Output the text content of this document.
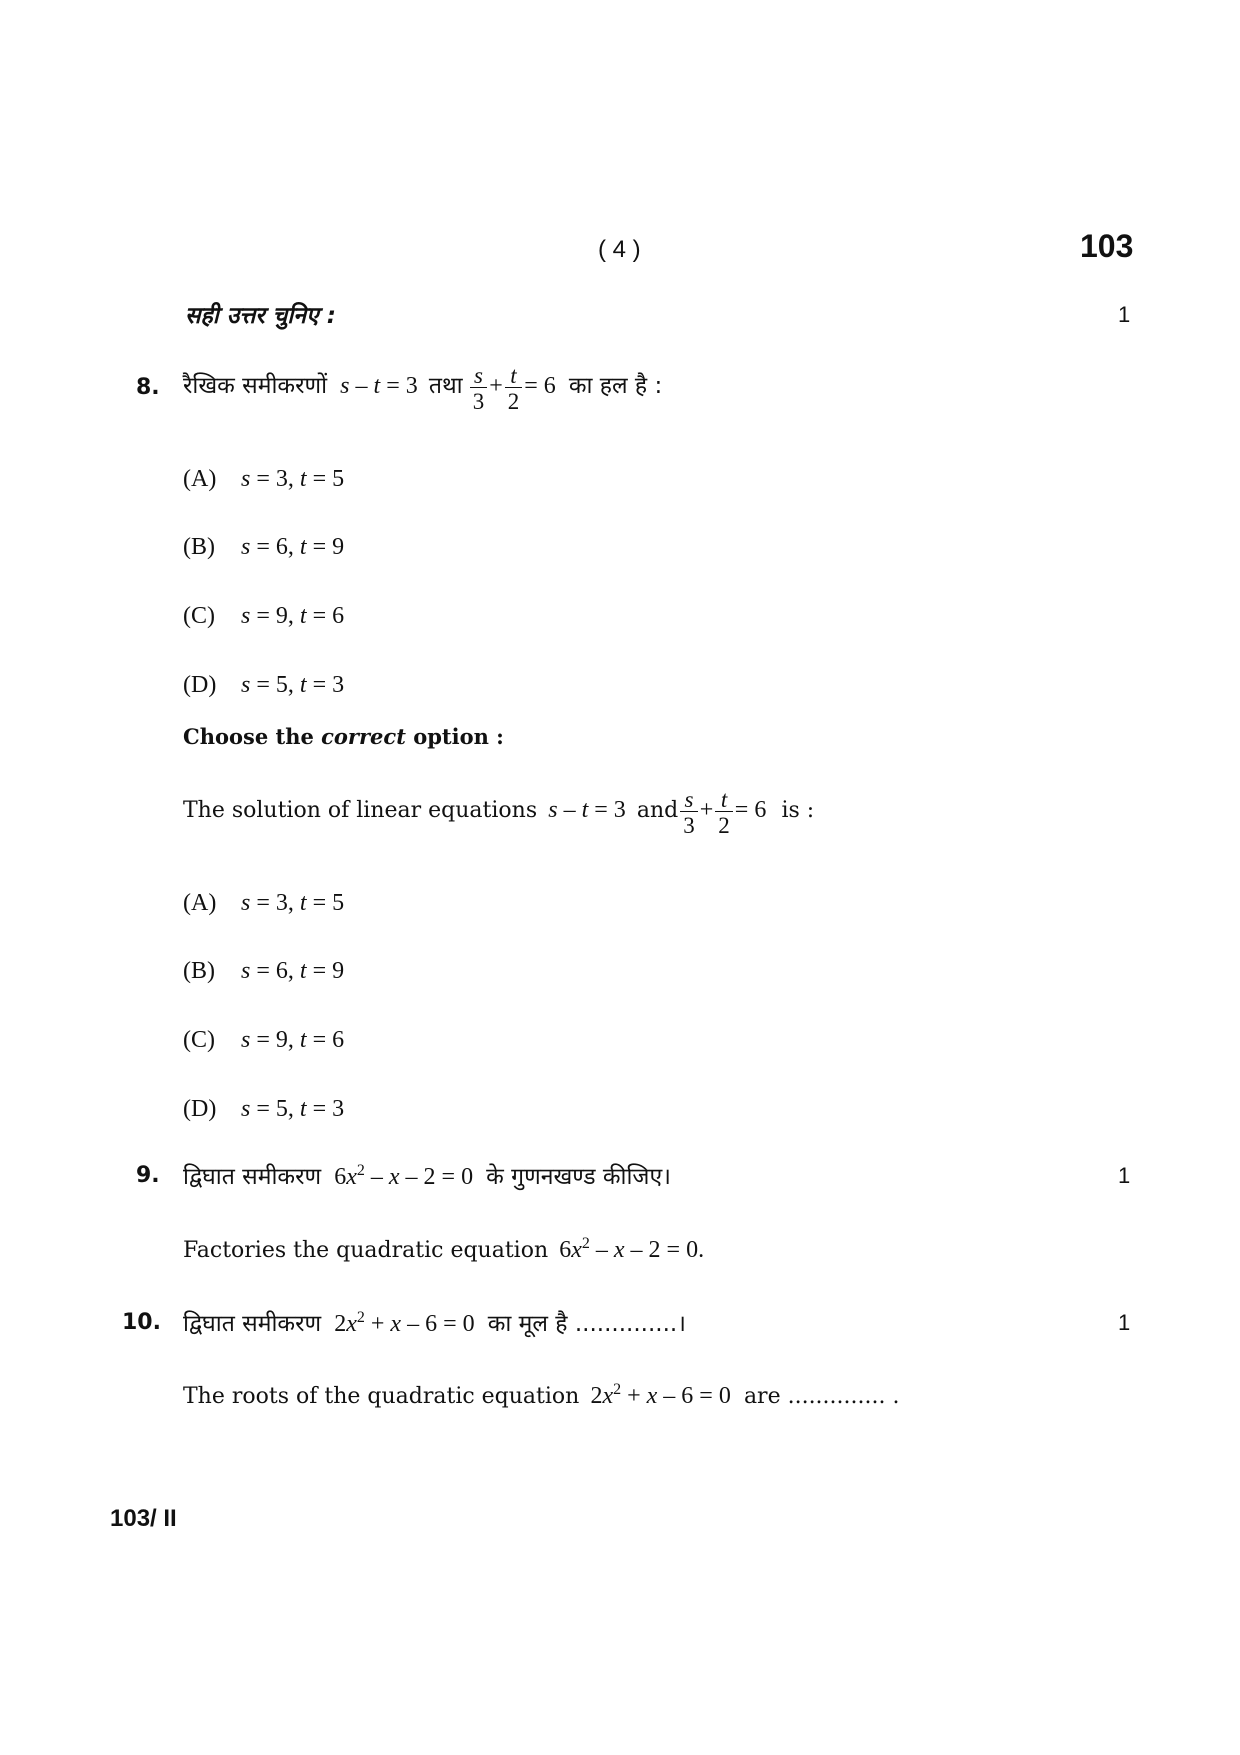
( 4 )	103
सही उत्तर चुनिए :	1
8. रैखिक समीकरणों s – t = 3 तथा $\frac{s}{3} + \frac{t}{2} = 6$ का हल है :
(A) s = 3, t = 5
(B) s = 6, t = 9
(C) s = 9, t = 6
(D) s = 5, t = 3
Choose the correct option :
The solution of linear equations s – t = 3 and $\frac{s}{3} + \frac{t}{2} = 6$ is :
(A) s = 3, t = 5
(B) s = 6, t = 9
(C) s = 9, t = 6
(D) s = 5, t = 3
9. द्विघात समीकरण $6x^2 - x - 2 = 0$ के गुणनखण्ड कीजिए।	1
Factories the quadratic equation $6x^2 - x - 2 = 0$.
10. द्विघात समीकरण $2x^2 + x - 6 = 0$ का मूल है ..............।	1
The roots of the quadratic equation $2x^2 + x - 6 = 0$ are .............. .
103/ II
